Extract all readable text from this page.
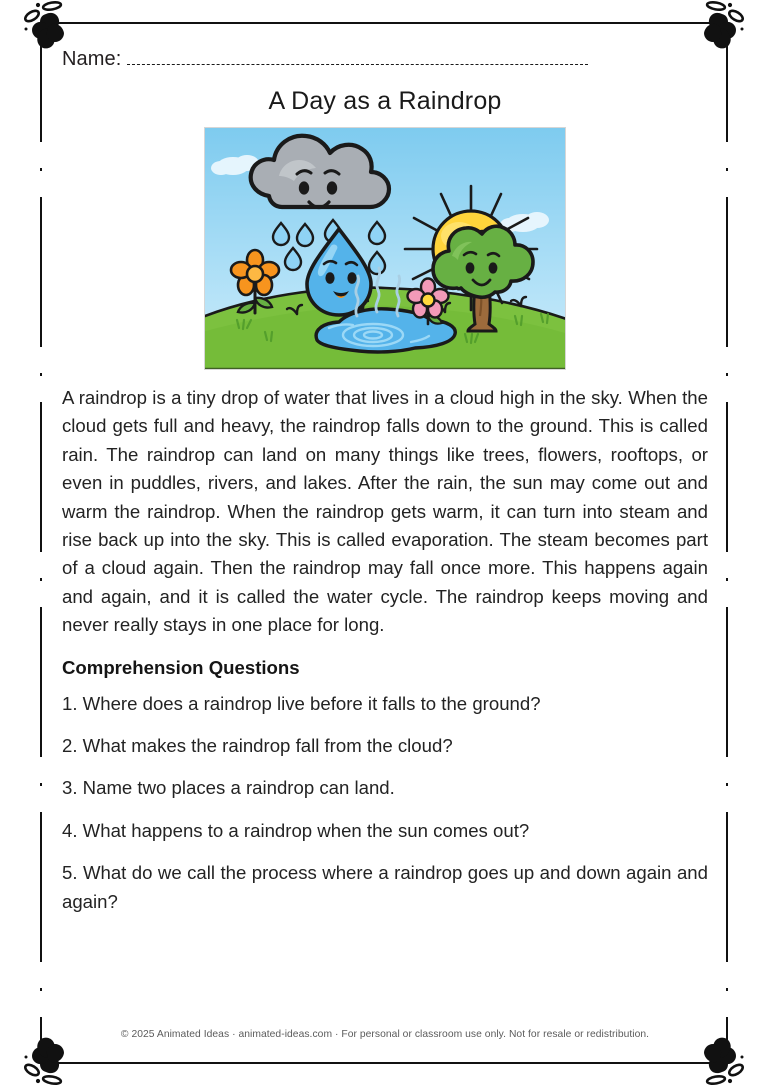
Name:
A Day as a Raindrop

A raindrop is a tiny drop of water that lives in a cloud high in the sky. When the cloud gets full and heavy, the raindrop falls down to the ground. This is called rain. The raindrop can land on many things like trees, flowers, rooftops, or even in puddles, rivers, and lakes. After the rain, the sun may come out and warm the raindrop. When the raindrop gets warm, it can turn into steam and rise back up into the sky. This is called evaporation. The steam becomes part of a cloud again. Then the raindrop may fall once more. This happens again and again, and it is called the water cycle. The raindrop keeps moving and never really stays in one place for long.

Comprehension Questions

1. Where does a raindrop live before it falls to the ground?

2. What makes the raindrop fall from the cloud?

3. Name two places a raindrop can land.

4. What happens to a raindrop when the sun comes out?

5. What do we call the process where a raindrop goes up and down again and again?

© 2025 Animated Ideas · animated-ideas.com · For personal or classroom use only. Not for resale or redistribution.
